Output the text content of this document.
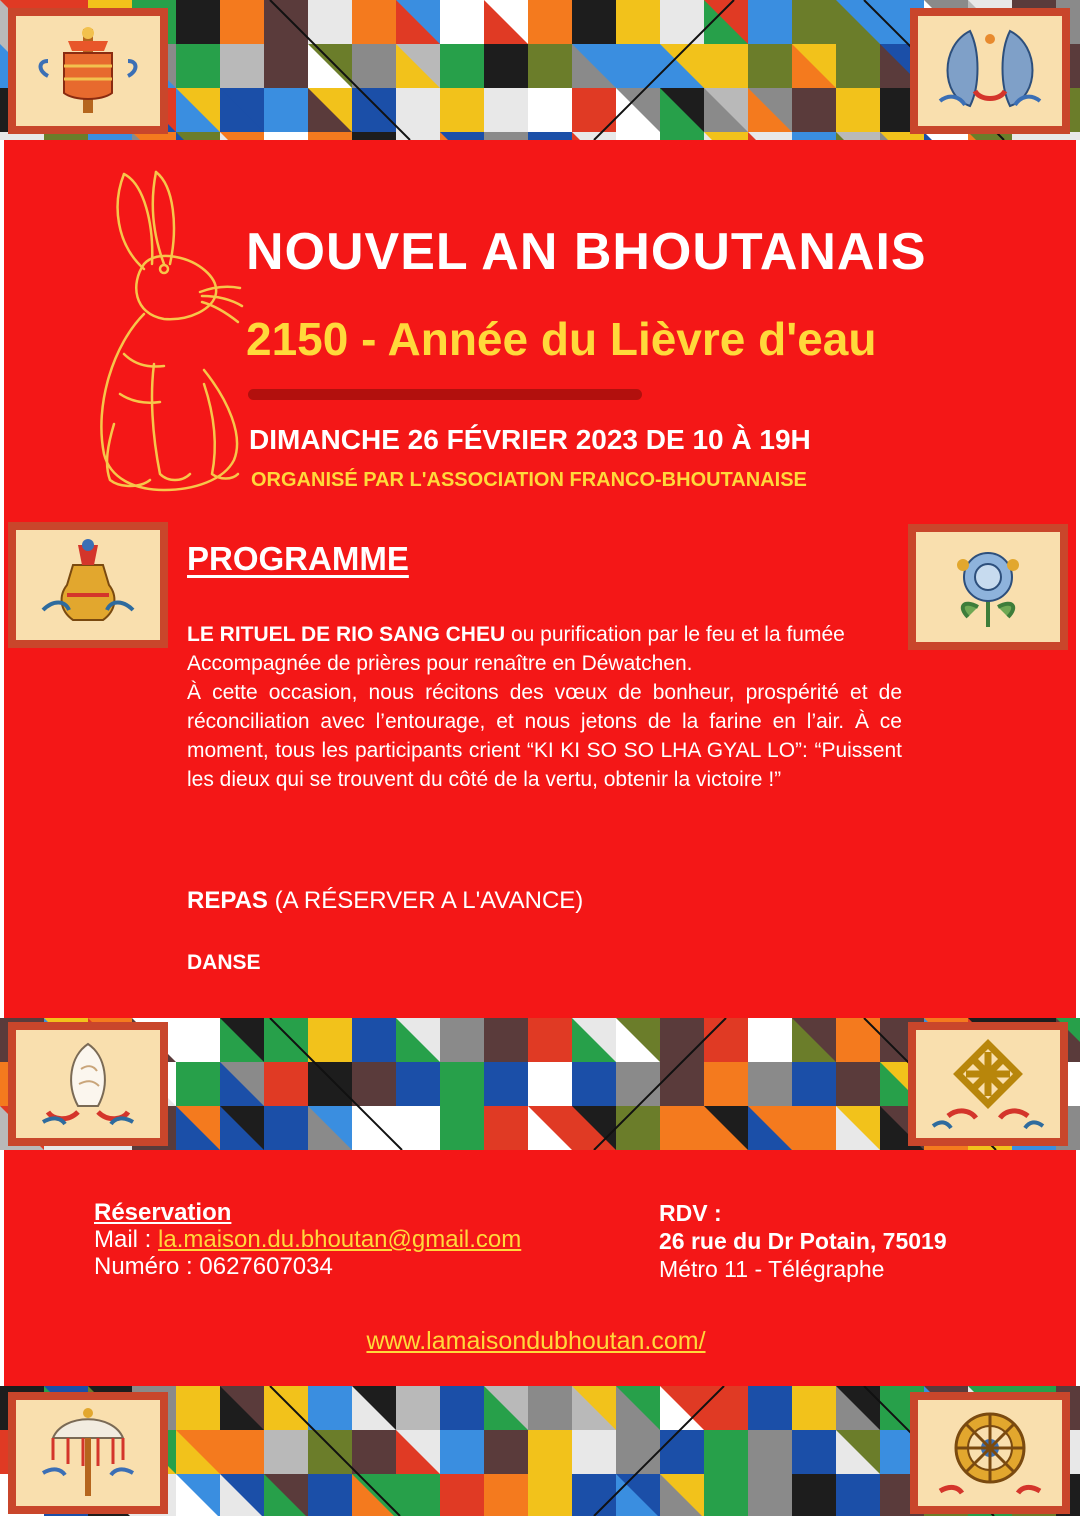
NOUVEL AN BHOUTANAIS

2150 - Année du Lièvre d'eau

DIMANCHE 26 FÉVRIER 2023 DE 10 À 19H

ORGANISÉ PAR L'ASSOCIATION FRANCO-BHOUTANAISE

PROGRAMME

LE RITUEL DE RIO SANG CHEU ou purification par le feu et la fumée
Accompagnée de prières pour renaître en Déwatchen.
À cette occasion, nous récitons des vœux de bonheur, prospérité et de réconciliation avec l’entourage, et nous jetons de la farine en l’air. À ce moment, tous les participants crient “KI KI SO SO LHA GYAL LO”: “Puissent les dieux qui se trouvent du côté de la vertu, obtenir la victoire !”

REPAS (A RÉSERVER A L'AVANCE)

DANSE

Réservation

Mail : la.maison.du.bhoutan@gmail.com

Numéro : 0627607034

RDV :

26 rue du Dr Potain, 75019

Métro 11 - Télégraphe

www.lamaisondubhoutan.com/
